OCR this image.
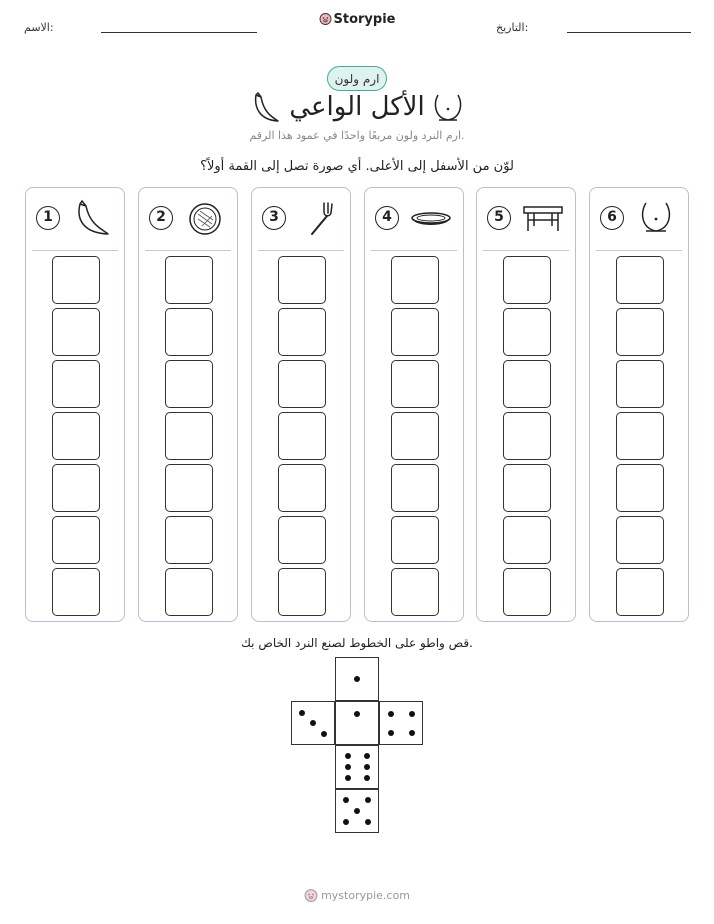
الاسم:
Storypie
التاريخ:
ارم ولون
الأكل الواعي
ارم النرد ولون مربعًا واحدًا في عمود هذا الرقم.
لوّن من الأسفل إلى الأعلى. أي صورة تصل إلى القمة أولاً؟
1	2	3	4	5	6
قص واطو على الخطوط لصنع النرد الخاص بك.
mystorypie.com
